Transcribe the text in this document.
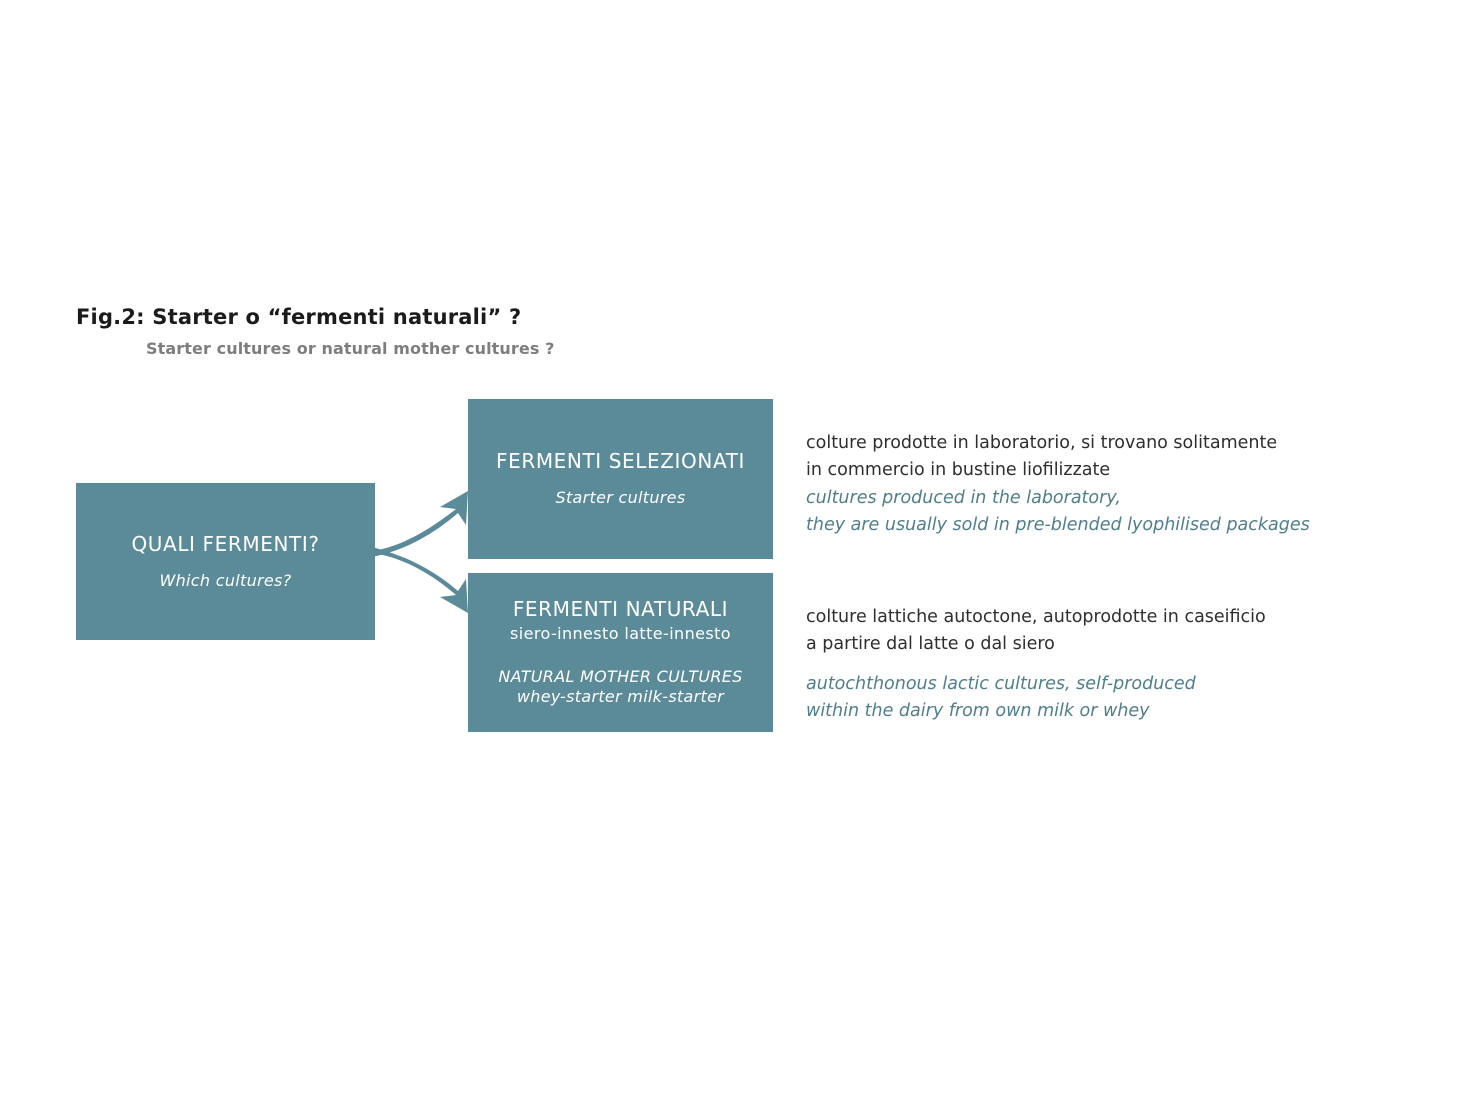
Fig.2: Starter o “fermenti naturali” ?
Starter cultures or natural mother cultures ?
QUALI FERMENTI?
Which cultures?
FERMENTI SELEZIONATI
Starter cultures
FERMENTI NATURALI
siero-innesto latte-innesto
NATURAL MOTHER CULTURES
whey-starter milk-starter
colture prodotte in laboratorio, si trovano solitamente
in commercio in bustine liofilizzate
cultures produced in the laboratory,
they are usually sold in pre-blended lyophilised packages
colture lattiche autoctone, autoprodotte in caseificio
a partire dal latte o dal siero
autochthonous lactic cultures, self-produced
within the dairy from own milk or whey
